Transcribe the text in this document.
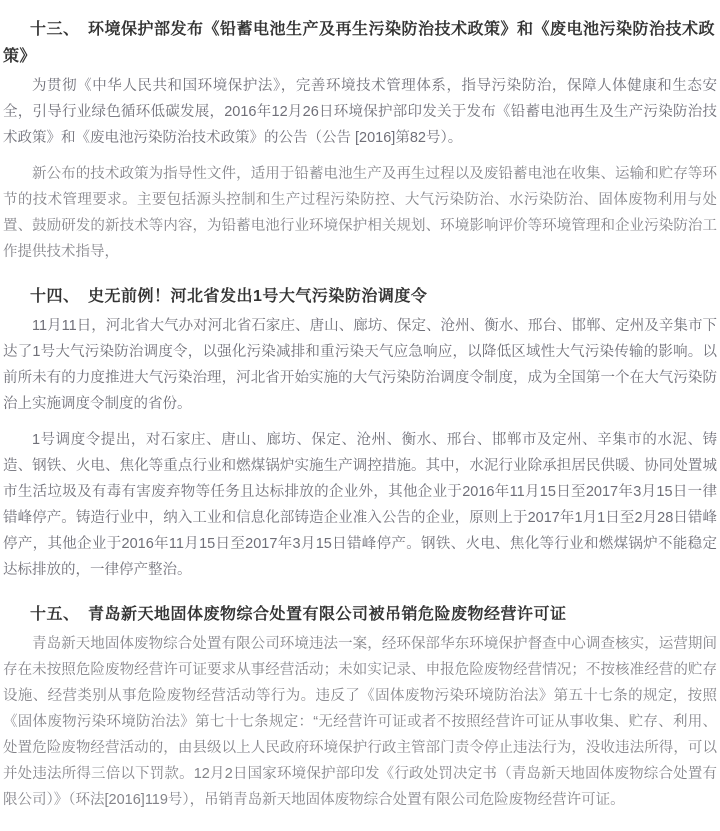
十三、　环境保护部发布《铅蓄电池生产及再生污染防治技术政策》和《废电池污染防治技术政策》

为贯彻《中华人民共和国环境保护法》，完善环境技术管理体系，指导污染防治，保障人体健康和生态安全，引导行业绿色循环低碳发展，2016年12月26日环境保护部印发关于发布《铅蓄电池再生及生产污染防治技术政策》和《废电池污染防治技术政策》的公告（公告 [2016]第82号）。

新公布的技术政策为指导性文件，适用于铅蓄电池生产及再生过程以及废铅蓄电池在收集、运输和贮存等环节的技术管理要求。主要包括源头控制和生产过程污染防控、大气污染防治、水污染防治、固体废物利用与处置、鼓励研发的新技术等内容，为铅蓄电池行业环境保护相关规划、环境影响评价等环境管理和企业污染防治工作提供技术指导，

十四、　史无前例！河北省发出1号大气污染防治调度令

11月11日，河北省大气办对河北省石家庄、唐山、廊坊、保定、沧州、衡水、邢台、邯郸、定州及辛集市下达了1号大气污染防治调度令，以强化污染减排和重污染天气应急响应，以降低区域性大气污染传输的影响。以前所未有的力度推进大气污染治理，河北省开始实施的大气污染防治调度令制度，成为全国第一个在大气污染防治上实施调度令制度的省份。

1号调度令提出，对石家庄、唐山、廊坊、保定、沧州、衡水、邢台、邯郸市及定州、辛集市的水泥、铸造、钢铁、火电、焦化等重点行业和燃煤锅炉实施生产调控措施。其中，水泥行业除承担居民供暖、协同处置城市生活垃圾及有毒有害废弃物等任务且达标排放的企业外，其他企业于2016年11月15日至2017年3月15日一律错峰停产。铸造行业中，纳入工业和信息化部铸造企业准入公告的企业，原则上于2017年1月1日至2月28日错峰停产，其他企业于2016年11月15日至2017年3月15日错峰停产。钢铁、火电、焦化等行业和燃煤锅炉不能稳定达标排放的，一律停产整治。

十五、　青岛新天地固体废物综合处置有限公司被吊销危险废物经营许可证

青岛新天地固体废物综合处置有限公司环境违法一案，经环保部华东环境保护督查中心调查核实，运营期间存在未按照危险废物经营许可证要求从事经营活动；未如实记录、申报危险废物经营情况；不按核准经营的贮存设施、经营类别从事危险废物经营活动等行为。违反了《固体废物污染环境防治法》第五十七条的规定，按照《固体废物污染环境防治法》第七十七条规定：“无经营许可证或者不按照经营许可证从事收集、贮存、利用、处置危险废物经营活动的，由县级以上人民政府环境保护行政主管部门责令停止违法行为，没收违法所得，可以并处违法所得三倍以下罚款。12月2日国家环境保护部印发《行政处罚决定书（青岛新天地固体废物综合处置有限公司）》（环法[2016]119号），吊销青岛新天地固体废物综合处置有限公司危险废物经营许可证。
